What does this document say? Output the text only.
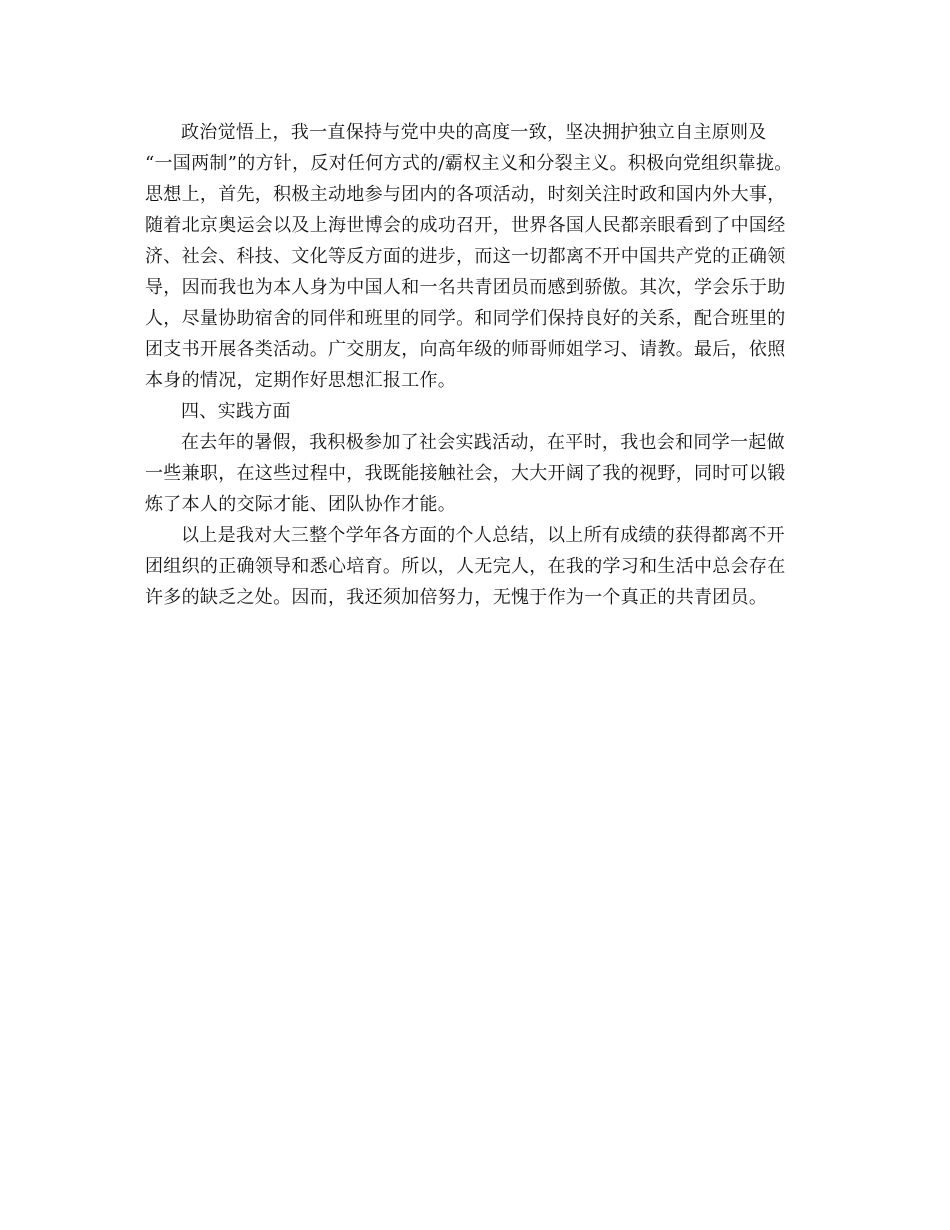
政治觉悟上，我一直保持与党中央的高度一致，坚决拥护独立自主原则及
“一国两制”的方针，反对任何方式的/霸权主义和分裂主义。积极向党组织靠拢。
思想上，首先，积极主动地参与团内的各项活动，时刻关注时政和国内外大事，
随着北京奥运会以及上海世博会的成功召开，世界各国人民都亲眼看到了中国经
济、社会、科技、文化等反方面的进步，而这一切都离不开中国共产党的正确领
导，因而我也为本人身为中国人和一名共青团员而感到骄傲。其次，学会乐于助
人，尽量协助宿舍的同伴和班里的同学。和同学们保持良好的关系，配合班里的
团支书开展各类活动。广交朋友，向高年级的师哥师姐学习、请教。最后，依照
本身的情况，定期作好思想汇报工作。
四、实践方面
在去年的暑假，我积极参加了社会实践活动，在平时，我也会和同学一起做
一些兼职，在这些过程中，我既能接触社会，大大开阔了我的视野，同时可以锻
炼了本人的交际才能、团队协作才能。
以上是我对大三整个学年各方面的个人总结，以上所有成绩的获得都离不开
团组织的正确领导和悉心培育。所以，人无完人，在我的学习和生活中总会存在
许多的缺乏之处。因而，我还须加倍努力，无愧于作为一个真正的共青团员。
